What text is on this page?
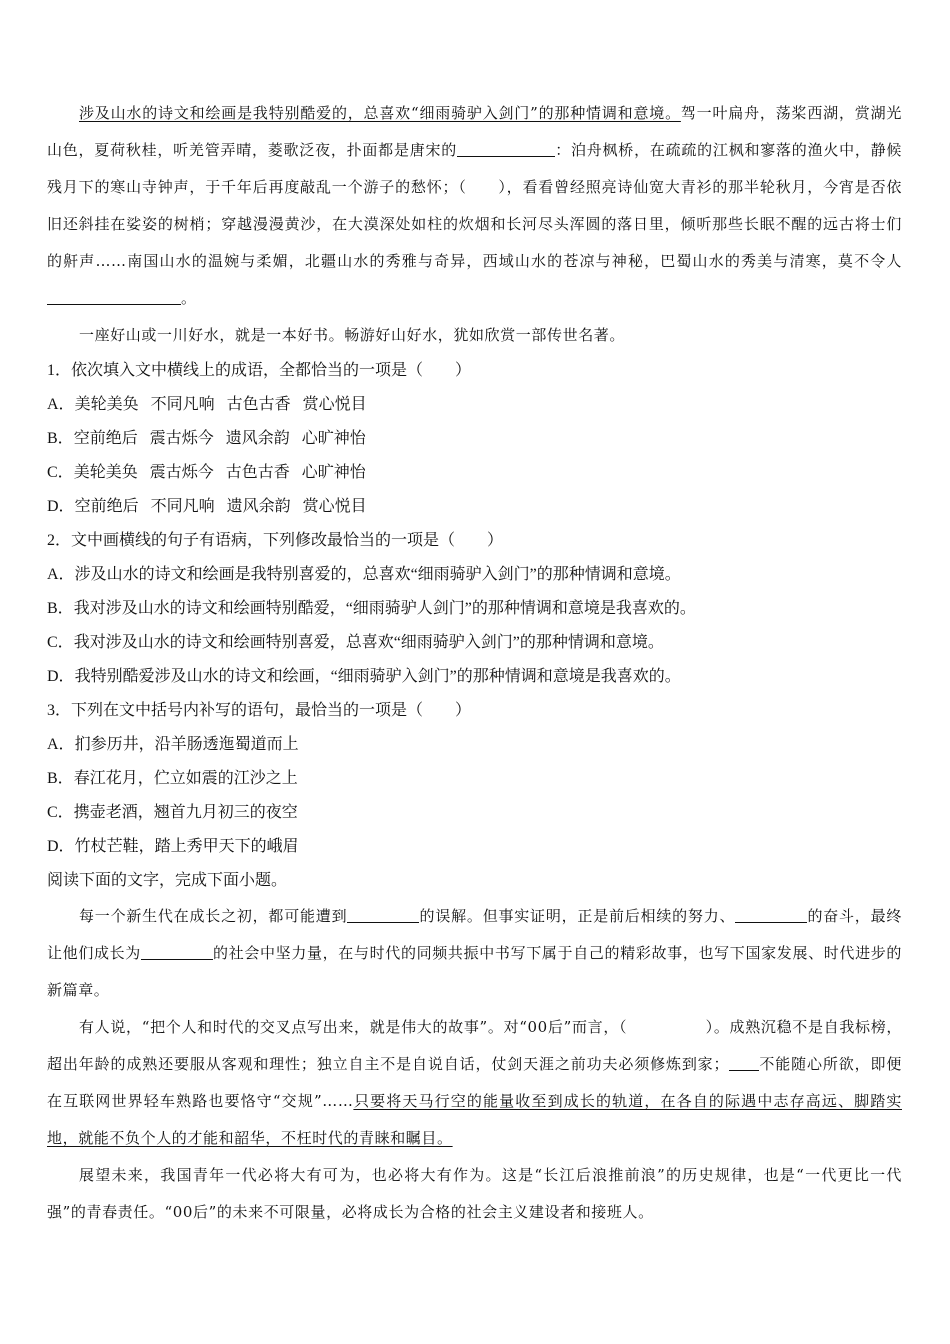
涉及山水的诗文和绘画是我特别酷爱的，总喜欢“细雨骑驴入剑门”的那种情调和意境。驾一叶扁舟，荡桨西湖，赏湖光山色，夏荷秋桂，听羌管弄晴，菱歌泛夜，扑面都是唐宋的	：泊舟枫桥，在疏疏的江枫和寥落的渔火中，静候残月下的寒山寺钟声，于千年后再度敲乱一个游子的愁怀；（　　），看看曾经照亮诗仙宽大青衫的那半轮秋月，今宵是否依旧还斜挂在娑姿的树梢；穿越漫漫黄沙，在大漠深处如柱的炊烟和长河尽头浑圆的落日里，倾听那些长眠不醒的远古将士们的鼾声……南国山水的温婉与柔媚，北疆山水的秀雅与奇异，西域山水的苍凉与神秘，巴蜀山水的秀美与清寒，莫不令人。

一座好山或一川好水，就是一本好书。畅游好山好水，犹如欣赏一部传世名著。

1．依次填入文中横线上的成语，全都恰当的一项是（　　）

A．美轮美奂 不同凡响 古色古香 赏心悦目

B．空前绝后 震古烁今 遗风余韵 心旷神怡

C．美轮美奂 震古烁今 古色古香 心旷神怡

D．空前绝后 不同凡响 遗风余韵 赏心悦目

2．文中画横线的句子有语病，下列修改最恰当的一项是（　　）

A．涉及山水的诗文和绘画是我特别喜爱的，总喜欢“细雨骑驴入剑门”的那种情调和意境。

B．我对涉及山水的诗文和绘画特别酷爱，“细雨骑驴人剑门”的那种情调和意境是我喜欢的。

C．我对涉及山水的诗文和绘画特别喜爱，总喜欢“细雨骑驴入剑门”的那种情调和意境。

D．我特别酷爱涉及山水的诗文和绘画，“细雨骑驴入剑门”的那种情调和意境是我喜欢的。

3．下列在文中括号内补写的语句，最恰当的一项是（　　）

A．扪参历井，沿羊肠透迤蜀道而上

B．春江花月，伫立如震的江沙之上

C．携壶老酒，翘首九月初三的夜空

D．竹杖芒鞋，踏上秀甲天下的峨眉

阅读下面的文字，完成下面小题。

每一个新生代在成长之初，都可能遭到	的误解。但事实证明，正是前后相续的努力、	的奋斗，最终让他们成长为	的社会中坚力量，在与时代的同频共振中书写下属于自己的精彩故事，也写下国家发展、时代进步的新篇章。

有人说，“把个人和时代的交叉点写出来，就是伟大的故事”。对“00后”而言，（　　　　　）。成熟沉稳不是自我标榜，超出年龄的成熟还要服从客观和理性；独立自主不是自说自话，仗剑天涯之前功夫必须修炼到家； 不能随心所欲，即便在互联网世界轻车熟路也要恪守“交规”……只要将天马行空的能量收至到成长的轨道，在各自的际遇中志存高远、脚踏实地，就能不负个人的才能和韶华，不枉时代的青睐和瞩目。

展望未来，我国青年一代必将大有可为，也必将大有作为。这是“长江后浪推前浪”的历史规律，也是“一代更比一代强”的青春责任。“00后”的未来不可限量，必将成长为合格的社会主义建设者和接班人。
